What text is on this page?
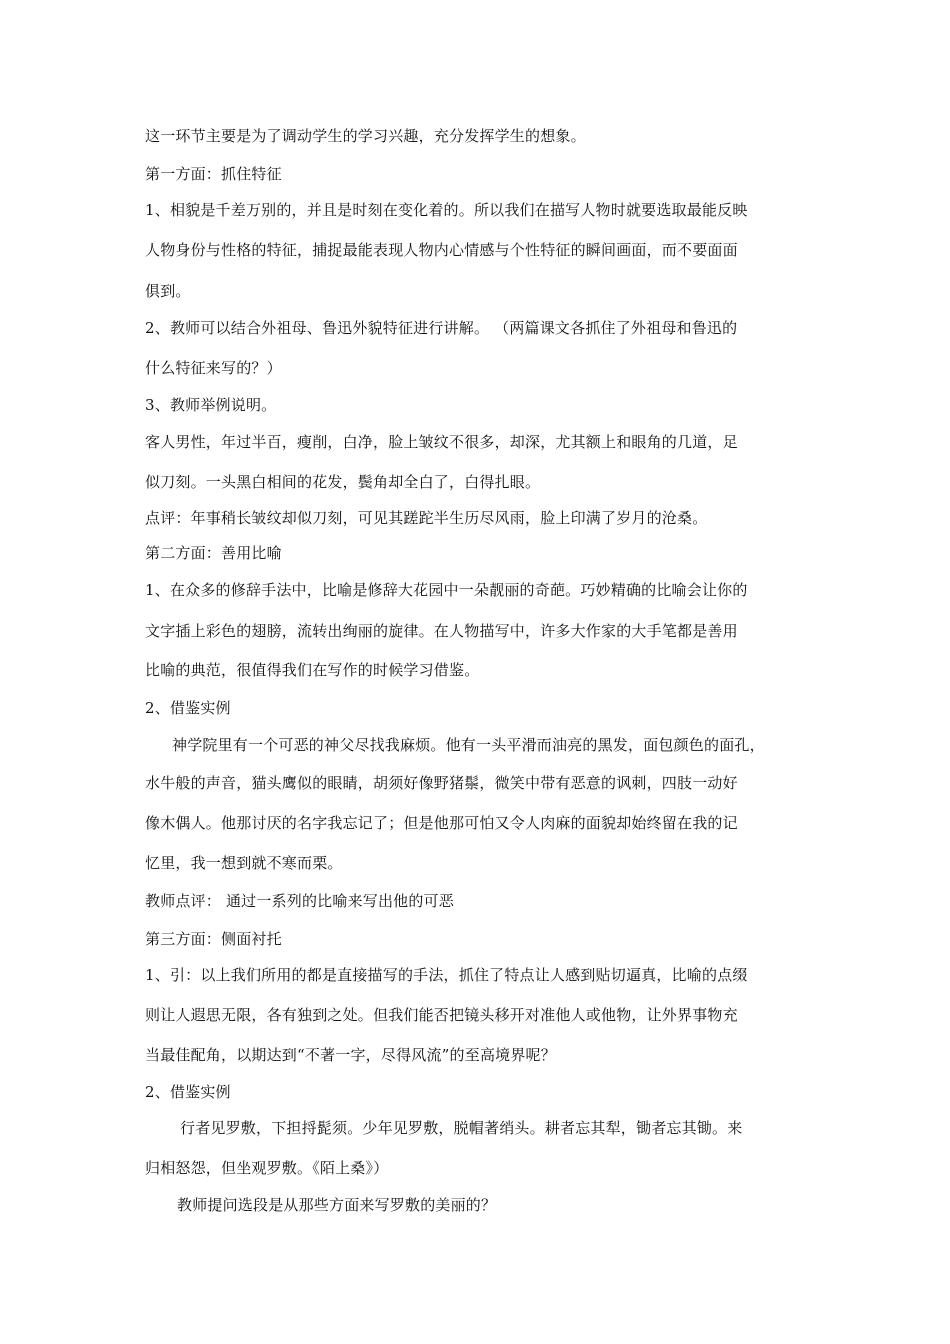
这一环节主要是为了调动学生的学习兴趣，充分发挥学生的想象。
第一方面：抓住特征
1、相貌是千差万别的，并且是时刻在变化着的。所以我们在描写人物时就要选取最能反映
人物身份与性格的特征，捕捉最能表现人物内心情感与个性特征的瞬间画面，而不要面面
俱到。
2、教师可以结合外祖母、鲁迅外貌特征进行讲解。 （两篇课文各抓住了外祖母和鲁迅的
什么特征来写的？）
3、教师举例说明。
客人男性，年过半百，瘦削，白净，脸上皱纹不很多，却深，尤其额上和眼角的几道，足
似刀刻。一头黑白相间的花发，鬓角却全白了，白得扎眼。
点评：年事稍长皱纹却似刀刻，可见其蹉跎半生历尽风雨，脸上印满了岁月的沧桑。
第二方面：善用比喻
1、在众多的修辞手法中，比喻是修辞大花园中一朵靓丽的奇葩。巧妙精确的比喻会让你的
文字插上彩色的翅膀，流转出绚丽的旋律。在人物描写中，许多大作家的大手笔都是善用
比喻的典范，很值得我们在写作的时候学习借鉴。
2、借鉴实例
神学院里有一个可恶的神父尽找我麻烦。他有一头平滑而油亮的黑发，面包颜色的面孔，
水牛般的声音，猫头鹰似的眼睛，胡须好像野猪鬃，微笑中带有恶意的讽刺，四肢一动好
像木偶人。他那讨厌的名字我忘记了；但是他那可怕又令人肉麻的面貌却始终留在我的记
忆里，我一想到就不寒而栗。
教师点评： 通过一系列的比喻来写出他的可恶
第三方面：侧面衬托
1、引：以上我们所用的都是直接描写的手法，抓住了特点让人感到贴切逼真，比喻的点缀
则让人遐思无限，各有独到之处。但我们能否把镜头移开对准他人或他物，让外界事物充
当最佳配角，以期达到“不著一字，尽得风流”的至高境界呢？
2、借鉴实例
行者见罗敷，下担捋髭须。少年见罗敷，脱帽著绡头。耕者忘其犁，锄者忘其锄。来
归相怒怨，但坐观罗敷。《陌上桑》）
教师提问选段是从那些方面来写罗敷的美丽的？
